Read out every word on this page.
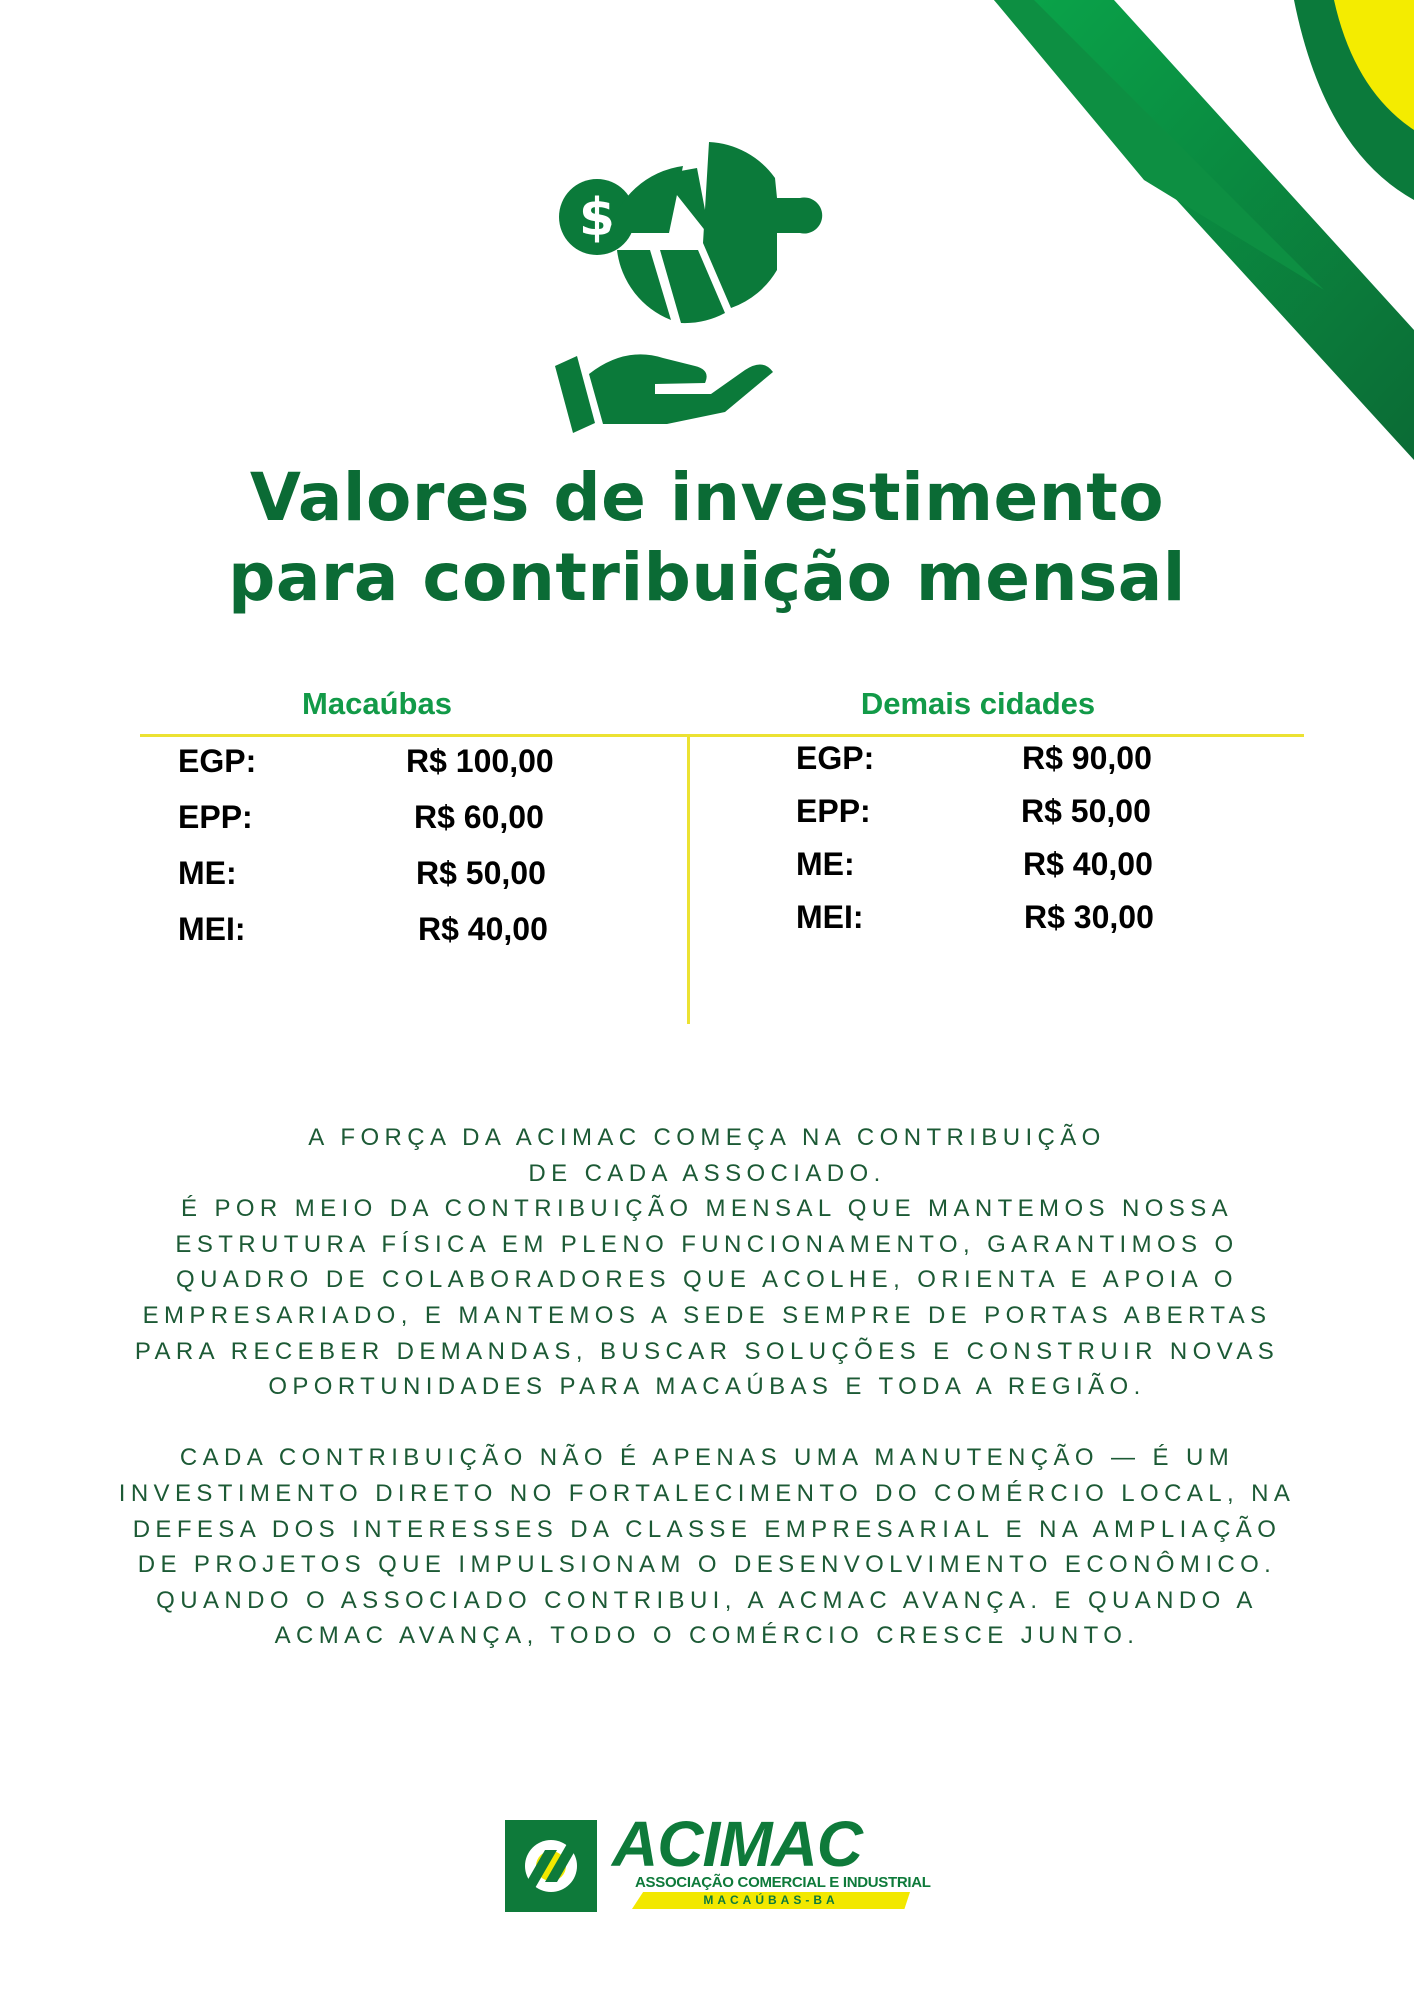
$
Valores de investimento
para contribuição mensal
Macaúbas	Demais cidades
EGP:	R$ 100,00
EPP:	R$ 60,00
ME:	R$ 50,00
MEI:	R$ 40,00
EGP:	R$ 90,00
EPP:	R$ 50,00
ME:	R$ 40,00
MEI:	R$ 30,00

A FORÇA DA ACIMAC COMEÇA NA CONTRIBUIÇÃO

DE CADA ASSOCIADO.

É POR MEIO DA CONTRIBUIÇÃO MENSAL QUE MANTEMOS NOSSA ESTRUTURA FÍSICA EM PLENO FUNCIONAMENTO, GARANTIMOS O QUADRO DE COLABORADORES QUE ACOLHE, ORIENTA E APOIA O EMPRESARIADO, E MANTEMOS A SEDE SEMPRE DE PORTAS ABERTAS PARA RECEBER DEMANDAS, BUSCAR SOLUÇÕES E CONSTRUIR NOVAS OPORTUNIDADES PARA MACAÚBAS E TODA A REGIÃO.

CADA CONTRIBUIÇÃO NÃO É APENAS UMA MANUTENÇÃO — É UM INVESTIMENTO DIRETO NO FORTALECIMENTO DO COMÉRCIO LOCAL, NA DEFESA DOS INTERESSES DA CLASSE EMPRESARIAL E NA AMPLIAÇÃO DE PROJETOS QUE IMPULSIONAM O DESENVOLVIMENTO ECONÔMICO.

QUANDO O ASSOCIADO CONTRIBUI, A ACMAC AVANÇA. E QUANDO A ACMAC AVANÇA, TODO O COMÉRCIO CRESCE JUNTO.

ACIMAC
ASSOCIAÇÃO COMERCIAL E INDUSTRIAL
MACAÚBAS-BA
